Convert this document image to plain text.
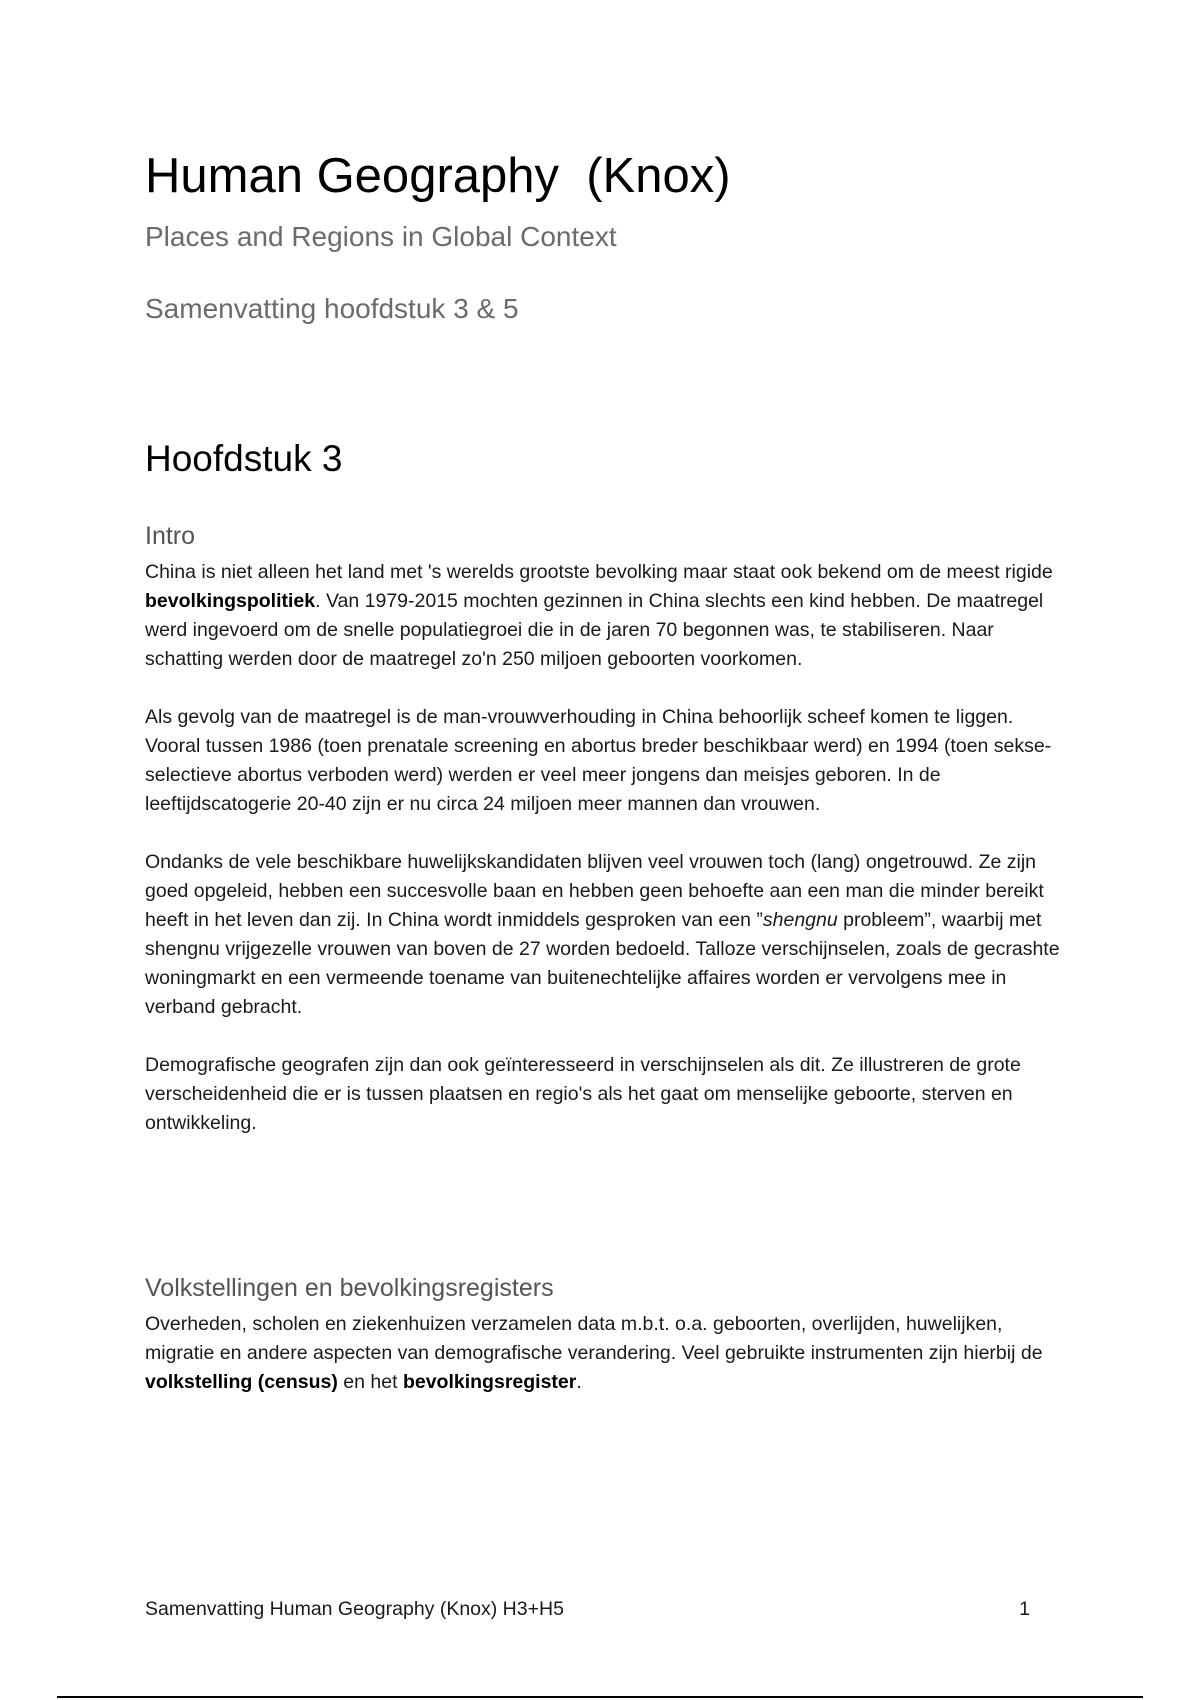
Human Geography  (Knox)
Places and Regions in Global Context
Samenvatting hoofdstuk 3 & 5
Hoofdstuk 3
Intro

China is niet alleen het land met 's werelds grootste bevolking maar staat ook bekend om de meest rigide bevolkingspolitiek. Van 1979-2015 mochten gezinnen in China slechts een kind hebben. De maatregel werd ingevoerd om de snelle populatiegroei die in de jaren 70 begonnen was, te stabiliseren. Naar schatting werden door de maatregel zo'n 250 miljoen geboorten voorkomen.

Als gevolg van de maatregel is de man-vrouwverhouding in China behoorlijk scheef komen te liggen. Vooral tussen 1986 (toen prenatale screening en abortus breder beschikbaar werd) en 1994 (toen sekse-selectieve abortus verboden werd) werden er veel meer jongens dan meisjes geboren. In de leeftijdscatogerie 20-40 zijn er nu circa 24 miljoen meer mannen dan vrouwen.

Ondanks de vele beschikbare huwelijkskandidaten blijven veel vrouwen toch (lang) ongetrouwd. Ze zijn goed opgeleid, hebben een succesvolle baan en hebben geen behoefte aan een man die minder bereikt heeft in het leven dan zij. In China wordt inmiddels gesproken van een ”shengnu probleem”, waarbij met shengnu vrijgezelle vrouwen van boven de 27 worden bedoeld. Talloze verschijnselen, zoals de gecrashte woningmarkt en een vermeende toename van buitenechtelijke affaires worden er vervolgens mee in verband gebracht.

Demografische geografen zijn dan ook geïnteresseerd in verschijnselen als dit. Ze illustreren de grote verscheidenheid die er is tussen plaatsen en regio's als het gaat om menselijke geboorte, sterven en ontwikkeling.

Volkstellingen en bevolkingsregisters

Overheden, scholen en ziekenhuizen verzamelen data m.b.t. o.a. geboorten, overlijden, huwelijken, migratie en andere aspecten van demografische verandering. Veel gebruikte instrumenten zijn hierbij de volkstelling (census) en het bevolkingsregister.

Samenvatting Human Geography (Knox) H3+H5	1
